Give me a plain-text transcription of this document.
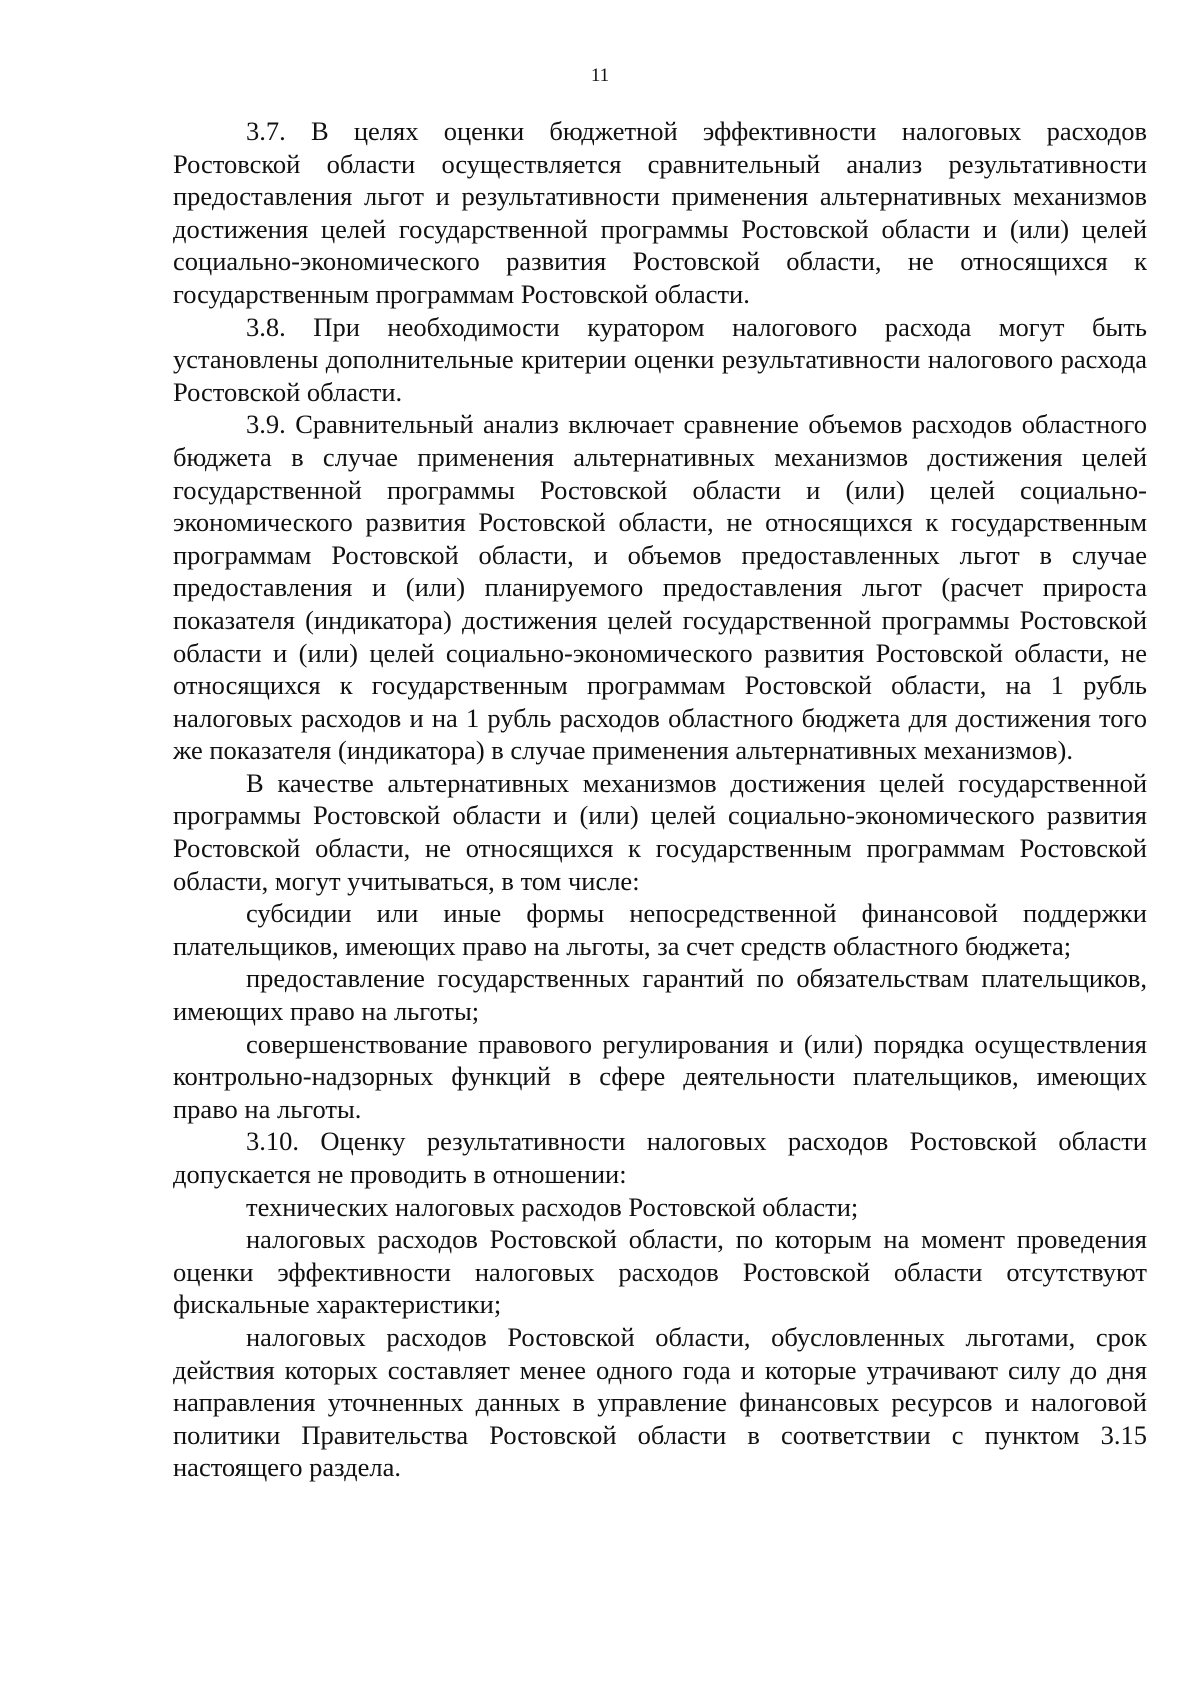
11

3.7. В целях оценки бюджетной эффективности налоговых расходов Ростовской области осуществляется сравнительный анализ результативности предоставления льгот и результативности применения альтернативных механизмов достижения целей государственной программы Ростовской области и (или) целей социально-экономического развития Ростовской области, не относящихся к государственным программам Ростовской области.

3.8. При необходимости куратором налогового расхода могут быть установлены дополнительные критерии оценки результативности налогового расхода Ростовской области.

3.9. Сравнительный анализ включает сравнение объемов расходов областного бюджета в случае применения альтернативных механизмов достижения целей государственной программы Ростовской области и (или) целей социально-экономического развития Ростовской области, не относящихся к государственным программам Ростовской области, и объемов предоставленных льгот в случае предоставления и (или) планируемого предоставления льгот (расчет прироста показателя (индикатора) достижения целей государственной программы Ростовской области и (или) целей социально-экономического развития Ростовской области, не относящихся к государственным программам Ростовской области, на 1 рубль налоговых расходов и на 1 рубль расходов областного бюджета для достижения того же показателя (индикатора) в случае применения альтернативных механизмов).

В качестве альтернативных механизмов достижения целей государственной программы Ростовской области и (или) целей социально-экономического развития Ростовской области, не относящихся к государственным программам Ростовской области, могут учитываться, в том числе:

субсидии или иные формы непосредственной финансовой поддержки плательщиков, имеющих право на льготы, за счет средств областного бюджета;

предоставление государственных гарантий по обязательствам плательщиков, имеющих право на льготы;

совершенствование правового регулирования и (или) порядка осуществления контрольно-надзорных функций в сфере деятельности плательщиков, имеющих право на льготы.

3.10. Оценку результативности налоговых расходов Ростовской области допускается не проводить в отношении:

технических налоговых расходов Ростовской области;

налоговых расходов Ростовской области, по которым на момент проведения оценки эффективности налоговых расходов Ростовской области отсутствуют фискальные характеристики;

налоговых расходов Ростовской области, обусловленных льготами, срок действия которых составляет менее одного года и которые утрачивают силу до дня направления уточненных данных в управление финансовых ресурсов и налоговой политики Правительства Ростовской области в соответствии с пунктом 3.15 настоящего раздела.
